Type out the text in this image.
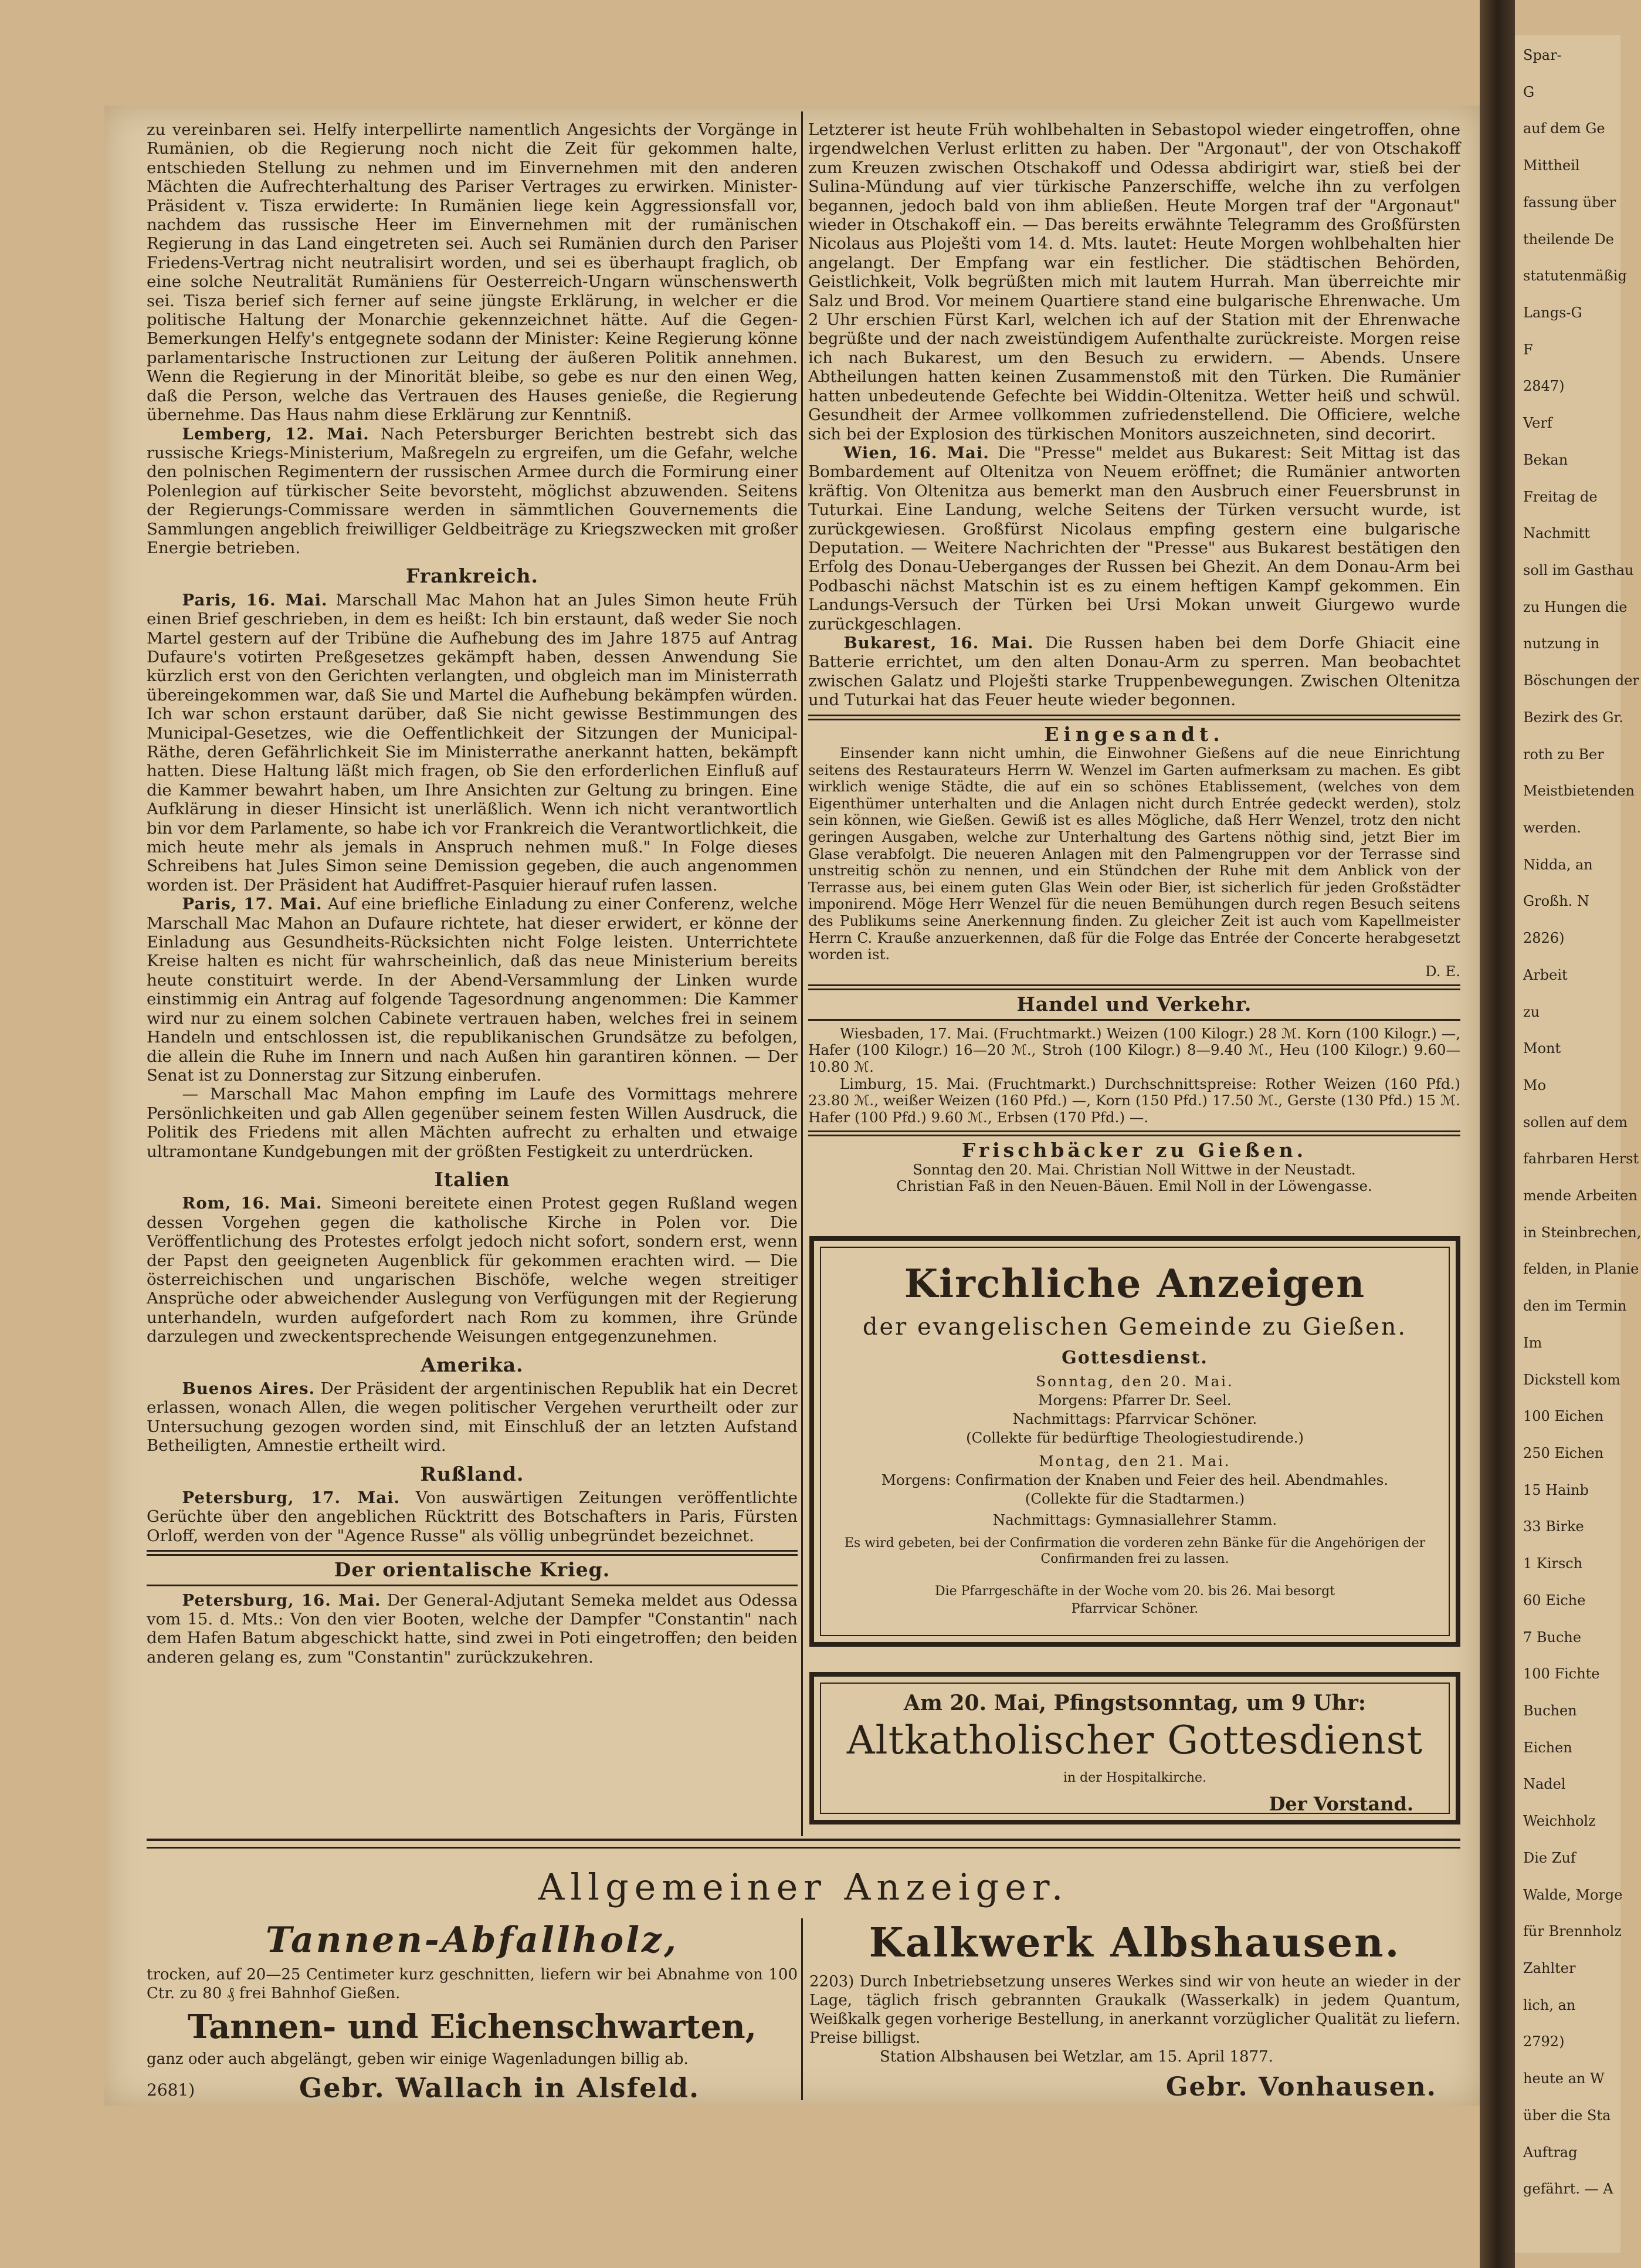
zu vereinbaren sei. Helfy interpellirte namentlich Angesichts der Vorgänge in Rumänien, ob die Regierung noch nicht die Zeit für gekommen halte, entschieden Stellung zu nehmen und im Einvernehmen mit den anderen Mächten die Aufrechterhaltung des Pariser Vertrages zu erwirken. Minister-Präsident v. Tisza erwiderte: In Rumänien liege kein Aggressionsfall vor, nachdem das russische Heer im Einvernehmen mit der rumänischen Regierung in das Land eingetreten sei. Auch sei Rumänien durch den Pariser Friedens-Vertrag nicht neutralisirt worden, und sei es überhaupt fraglich, ob eine solche Neutralität Rumäniens für Oesterreich-Ungarn wünschenswerth sei. Tisza berief sich ferner auf seine jüngste Erklärung, in welcher er die politische Haltung der Monarchie gekennzeichnet hätte. Auf die Gegen-Bemerkungen Helfy's entgegnete sodann der Minister: Keine Regierung könne parlamentarische Instructionen zur Leitung der äußeren Politik annehmen. Wenn die Regierung in der Minorität bleibe, so gebe es nur den einen Weg, daß die Person, welche das Vertrauen des Hauses genieße, die Regierung übernehme. Das Haus nahm diese Erklärung zur Kenntniß.

Lemberg, 12. Mai. Nach Petersburger Berichten bestrebt sich das russische Kriegs-Ministerium, Maßregeln zu ergreifen, um die Gefahr, welche den polnischen Regimentern der russischen Armee durch die Formirung einer Polenlegion auf türkischer Seite bevorsteht, möglichst abzuwenden. Seitens der Regierungs-Commissare werden in sämmtlichen Gouvernements die Sammlungen angeblich freiwilliger Geldbeiträge zu Kriegszwecken mit großer Energie betrieben.

Frankreich.

Paris, 16. Mai. Marschall Mac Mahon hat an Jules Simon heute Früh einen Brief geschrieben, in dem es heißt: Ich bin erstaunt, daß weder Sie noch Martel gestern auf der Tribüne die Aufhebung des im Jahre 1875 auf Antrag Dufaure's votirten Preßgesetzes gekämpft haben, dessen Anwendung Sie kürzlich erst von den Gerichten verlangten, und obgleich man im Ministerrath übereingekommen war, daß Sie und Martel die Aufhebung bekämpfen würden. Ich war schon erstaunt darüber, daß Sie nicht gewisse Bestimmungen des Municipal-Gesetzes, wie die Oeffentlichkeit der Sitzungen der Municipal-Räthe, deren Gefährlichkeit Sie im Ministerrathe anerkannt hatten, bekämpft hatten. Diese Haltung läßt mich fragen, ob Sie den erforderlichen Einfluß auf die Kammer bewahrt haben, um Ihre Ansichten zur Geltung zu bringen. Eine Aufklärung in dieser Hinsicht ist unerläßlich. Wenn ich nicht verantwortlich bin vor dem Parlamente, so habe ich vor Frankreich die Verantwortlichkeit, die mich heute mehr als jemals in Anspruch nehmen muß." In Folge dieses Schreibens hat Jules Simon seine Demission gegeben, die auch angenommen worden ist. Der Präsident hat Audiffret-Pasquier hierauf rufen lassen.

Paris, 17. Mai. Auf eine briefliche Einladung zu einer Conferenz, welche Marschall Mac Mahon an Dufaure richtete, hat dieser erwidert, er könne der Einladung aus Gesundheits-Rücksichten nicht Folge leisten. Unterrichtete Kreise halten es nicht für wahrscheinlich, daß das neue Ministerium bereits heute constituirt werde. In der Abend-Versammlung der Linken wurde einstimmig ein Antrag auf folgende Tagesordnung angenommen: Die Kammer wird nur zu einem solchen Cabinete vertrauen haben, welches frei in seinem Handeln und entschlossen ist, die republikanischen Grundsätze zu befolgen, die allein die Ruhe im Innern und nach Außen hin garantiren können. — Der Senat ist zu Donnerstag zur Sitzung einberufen.

— Marschall Mac Mahon empfing im Laufe des Vormittags mehrere Persönlichkeiten und gab Allen gegenüber seinem festen Willen Ausdruck, die Politik des Friedens mit allen Mächten aufrecht zu erhalten und etwaige ultramontane Kundgebungen mit der größten Festigkeit zu unterdrücken.

Italien

Rom, 16. Mai. Simeoni bereitete einen Protest gegen Rußland wegen dessen Vorgehen gegen die katholische Kirche in Polen vor. Die Veröffentlichung des Protestes erfolgt jedoch nicht sofort, sondern erst, wenn der Papst den geeigneten Augenblick für gekommen erachten wird. — Die österreichischen und ungarischen Bischöfe, welche wegen streitiger Ansprüche oder abweichender Auslegung von Verfügungen mit der Regierung unterhandeln, wurden aufgefordert nach Rom zu kommen, ihre Gründe darzulegen und zweckentsprechende Weisungen entgegenzunehmen.

Amerika.

Buenos Aires. Der Präsident der argentinischen Republik hat ein Decret erlassen, wonach Allen, die wegen politischer Vergehen verurtheilt oder zur Untersuchung gezogen worden sind, mit Einschluß der an letzten Aufstand Betheiligten, Amnestie ertheilt wird.

Rußland.

Petersburg, 17. Mai. Von auswärtigen Zeitungen veröffentlichte Gerüchte über den angeblichen Rücktritt des Botschafters in Paris, Fürsten Orloff, werden von der "Agence Russe" als völlig unbegründet bezeichnet.

Der orientalische Krieg.

Petersburg, 16. Mai. Der General-Adjutant Semeka meldet aus Odessa vom 15. d. Mts.: Von den vier Booten, welche der Dampfer "Constantin" nach dem Hafen Batum abgeschickt hatte, sind zwei in Poti eingetroffen; den beiden anderen gelang es, zum "Constantin" zurückzukehren.

Letzterer ist heute Früh wohlbehalten in Sebastopol wieder eingetroffen, ohne irgendwelchen Verlust erlitten zu haben. Der "Argonaut", der von Otschakoff zum Kreuzen zwischen Otschakoff und Odessa abdirigirt war, stieß bei der Sulina-Mündung auf vier türkische Panzerschiffe, welche ihn zu verfolgen begannen, jedoch bald von ihm abließen. Heute Morgen traf der "Argonaut" wieder in Otschakoff ein. — Das bereits erwähnte Telegramm des Großfürsten Nicolaus aus Ploješti vom 14. d. Mts. lautet: Heute Morgen wohlbehalten hier angelangt. Der Empfang war ein festlicher. Die städtischen Behörden, Geistlichkeit, Volk begrüßten mich mit lautem Hurrah. Man überreichte mir Salz und Brod. Vor meinem Quartiere stand eine bulgarische Ehrenwache. Um 2 Uhr erschien Fürst Karl, welchen ich auf der Station mit der Ehrenwache begrüßte und der nach zweistündigem Aufenthalte zurückreiste. Morgen reise ich nach Bukarest, um den Besuch zu erwidern. — Abends. Unsere Abtheilungen hatten keinen Zusammenstoß mit den Türken. Die Rumänier hatten unbedeutende Gefechte bei Widdin-Oltenitza. Wetter heiß und schwül. Gesundheit der Armee vollkommen zufriedenstellend. Die Officiere, welche sich bei der Explosion des türkischen Monitors auszeichneten, sind decorirt.

Wien, 16. Mai. Die "Presse" meldet aus Bukarest: Seit Mittag ist das Bombardement auf Oltenitza von Neuem eröffnet; die Rumänier antworten kräftig. Von Oltenitza aus bemerkt man den Ausbruch einer Feuersbrunst in Tuturkai. Eine Landung, welche Seitens der Türken versucht wurde, ist zurückgewiesen. Großfürst Nicolaus empfing gestern eine bulgarische Deputation. — Weitere Nachrichten der "Presse" aus Bukarest bestätigen den Erfolg des Donau-Ueberganges der Russen bei Ghezit. An dem Donau-Arm bei Podbaschi nächst Matschin ist es zu einem heftigen Kampf gekommen. Ein Landungs-Versuch der Türken bei Ursi Mokan unweit Giurgewo wurde zurückgeschlagen.

Bukarest, 16. Mai. Die Russen haben bei dem Dorfe Ghiacit eine Batterie errichtet, um den alten Donau-Arm zu sperren. Man beobachtet zwischen Galatz und Ploješti starke Truppenbewegungen. Zwischen Oltenitza und Tuturkai hat das Feuer heute wieder begonnen.

Eingesandt.

Einsender kann nicht umhin, die Einwohner Gießens auf die neue Einrichtung seitens des Restaurateurs Herrn W. Wenzel im Garten aufmerksam zu machen. Es gibt wirklich wenige Städte, die auf ein so schönes Etablissement, (welches von dem Eigenthümer unterhalten und die Anlagen nicht durch Entrée gedeckt werden), stolz sein können, wie Gießen. Gewiß ist es alles Mögliche, daß Herr Wenzel, trotz den nicht geringen Ausgaben, welche zur Unterhaltung des Gartens nöthig sind, jetzt Bier im Glase verabfolgt. Die neueren Anlagen mit den Palmengruppen vor der Terrasse sind unstreitig schön zu nennen, und ein Stündchen der Ruhe mit dem Anblick von der Terrasse aus, bei einem guten Glas Wein oder Bier, ist sicherlich für jeden Großstädter imponirend. Möge Herr Wenzel für die neuen Bemühungen durch regen Besuch seitens des Publikums seine Anerkennung finden. Zu gleicher Zeit ist auch vom Kapellmeister Herrn C. Krauße anzuerkennen, daß für die Folge das Entrée der Concerte herabgesetzt worden ist.

D. E.

Handel und Verkehr.

Wiesbaden, 17. Mai. (Fruchtmarkt.) Weizen (100 Kilogr.) 28 ℳ. Korn (100 Kilogr.) —, Hafer (100 Kilogr.) 16—20 ℳ., Stroh (100 Kilogr.) 8—9.40 ℳ., Heu (100 Kilogr.) 9.60—10.80 ℳ.

Limburg, 15. Mai. (Fruchtmarkt.) Durchschnittspreise: Rother Weizen (160 Pfd.) 23.80 ℳ., weißer Weizen (160 Pfd.) —, Korn (150 Pfd.) 17.50 ℳ., Gerste (130 Pfd.) 15 ℳ. Hafer (100 Pfd.) 9.60 ℳ., Erbsen (170 Pfd.) —.

Frischbäcker zu Gießen.

Sonntag den 20. Mai. Christian Noll Wittwe in der Neustadt.

Christian Faß in den Neuen-Bäuen. Emil Noll in der Löwengasse.

Kirchliche Anzeigen
der evangelischen Gemeinde zu Gießen.
Gottesdienst.
Sonntag, den 20. Mai.
Morgens: Pfarrer Dr. Seel.
Nachmittags: Pfarrvicar Schöner.
(Collekte für bedürftige Theologiestudirende.)
Montag, den 21. Mai.
Morgens: Confirmation der Knaben und Feier des heil. Abendmahles.
(Collekte für die Stadtarmen.)
Nachmittags: Gymnasiallehrer Stamm.
Es wird gebeten, bei der Confirmation die vorderen zehn Bänke für die Angehörigen der Confirmanden frei zu lassen.
Die Pfarrgeschäfte in der Woche vom 20. bis 26. Mai besorgt
Pfarrvicar Schöner.
Am 20. Mai, Pfingstsonntag, um 9 Uhr:
Altkatholischer Gottesdienst
in der Hospitalkirche.
Der Vorstand.
Allgemeiner Anzeiger.
Tannen-Abfallholz,
trocken, auf 20—25 Centimeter kurz geschnitten, liefern wir bei Abnahme von 100 Ctr. zu 80 ₰ frei Bahnhof Gießen.
Tannen- und Eichenschwarten,
ganz oder auch abgelängt, geben wir einige Wagenladungen billig ab.
2681)	Gebr. Wallach in Alsfeld.
Kalkwerk Albshausen.
2203) Durch Inbetriebsetzung unseres Werkes sind wir von heute an wieder in der Lage, täglich frisch gebrannten Graukalk (Wasserkalk) in jedem Quantum, Weißkalk gegen vorherige Bestellung, in anerkannt vorzüglicher Qualität zu liefern. Preise billigst.
Station Albshausen bei Wetzlar, am 15. April 1877.
Gebr. Vonhausen.
Spar-
G
auf dem Ge
Mittheil
fassung über
theilende De
statutenmäßig
Langs-G
F
2847)
Verf
Bekan
Freitag de
Nachmitt
soll im Gasthau
zu Hungen die
nutzung in
Böschungen der
Bezirk des Gr.
roth zu Ber
Meistbietenden
werden.
Nidda, an
Großh. N
2826)
Arbeit
zu
Mont
Mo
sollen auf dem
fahrbaren Herst
mende Arbeiten
in Steinbrechen,
felden, in Planie
den im Termin
Im
Dickstell kom
100 Eichen
250 Eichen
15 Hainb
33 Birke
1 Kirsch
60 Eiche
7 Buche
100 Fichte
Buchen
Eichen
Nadel
Weichholz
Die Zuf
Walde, Morge
für Brennholz
Zahlter
lich, an
2792)
heute an W
über die Sta
Auftrag
gefährt. — A
